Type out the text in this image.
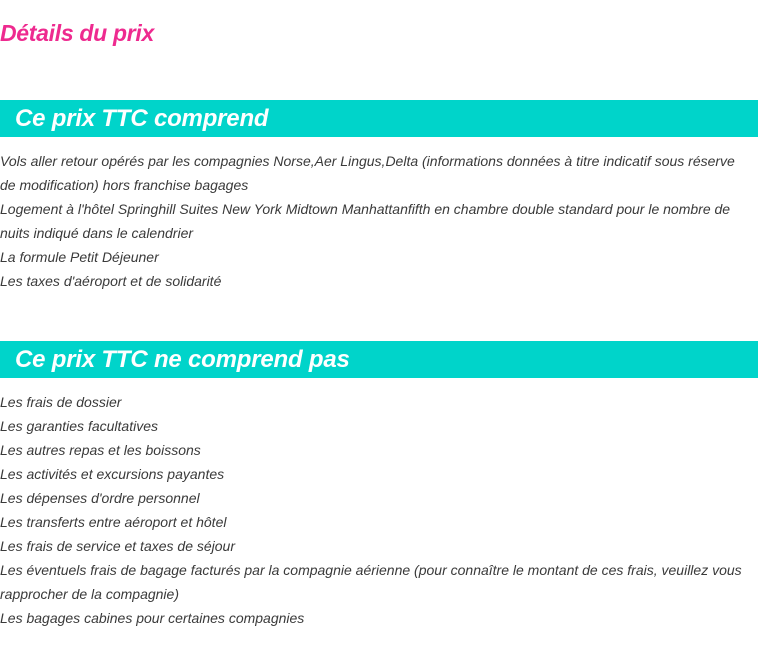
Détails du prix
Ce prix TTC comprend
Vols aller retour opérés par les compagnies Norse,Aer Lingus,Delta (informations données à titre indicatif sous réserve de modification) hors franchise bagages
Logement à l'hôtel Springhill Suites New York Midtown Manhattanfifth en chambre double standard pour le nombre de nuits indiqué dans le calendrier
La formule Petit Déjeuner
Les taxes d'aéroport et de solidarité
Ce prix TTC ne comprend pas
Les frais de dossier
Les garanties facultatives
Les autres repas et les boissons
Les activités et excursions payantes
Les dépenses d'ordre personnel
Les transferts entre aéroport et hôtel
Les frais de service et taxes de séjour
Les éventuels frais de bagage facturés par la compagnie aérienne (pour connaître le montant de ces frais, veuillez vous rapprocher de la compagnie)
Les bagages cabines pour certaines compagnies
